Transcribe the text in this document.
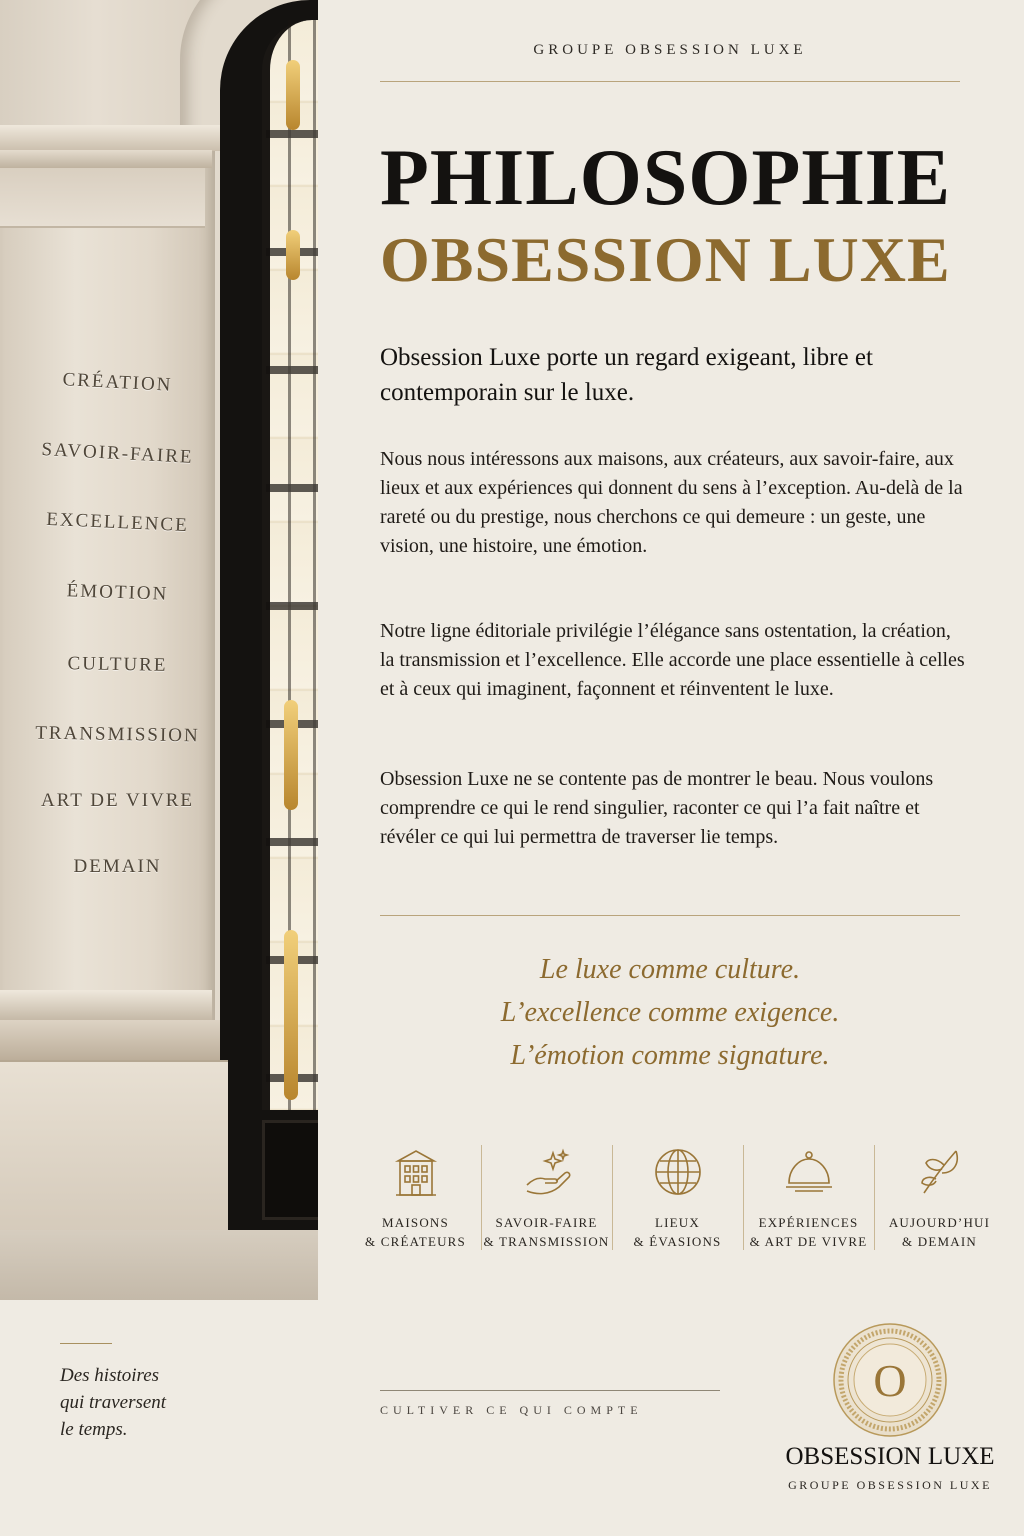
CRÉATION
SAVOIR-FAIRE
EXCELLENCE
ÉMOTION
CULTURE
TRANSMISSION
ART DE VIVRE
DEMAIN
GROUPE OBSESSION LUXE
PHILOSOPHIE
OBSESSION LUXE

Obsession Luxe porte un regard exigeant, libre et contemporain sur le luxe.

Nous nous intéressons aux maisons, aux créateurs, aux savoir-faire, aux lieux et aux expériences qui donnent du sens à l’exception. Au-delà de la rareté ou du prestige, nous cherchons ce qui demeure : un geste, une vision, une histoire, une émotion.

Notre ligne éditoriale privilégie l’élégance sans ostentation, la création, la transmission et l’excellence. Elle accorde une place essentielle à celles et à ceux qui imaginent, façonnent et réinventent le luxe.

Obsession Luxe ne se contente pas de montrer le beau. Nous voulons comprendre ce qui le rend singulier, raconter ce qui l’a fait naître et révéler ce qui lui permettra de traverser lie temps.

Le luxe comme culture.
L’excellence comme exigence.
L’émotion comme signature.
MAISONS
& CRÉATEURS
SAVOIR-FAIRE
& TRANSMISSION
LIEUX
& ÉVASIONS
EXPÉRIENCES
& ART DE VIVRE
AUJOURD’HUI
& DEMAIN
Des histoires
qui traversent
le temps.
CULTIVER CE QUI COMPTE
O
OBSESSION LUXE
GROUPE OBSESSION LUXE
